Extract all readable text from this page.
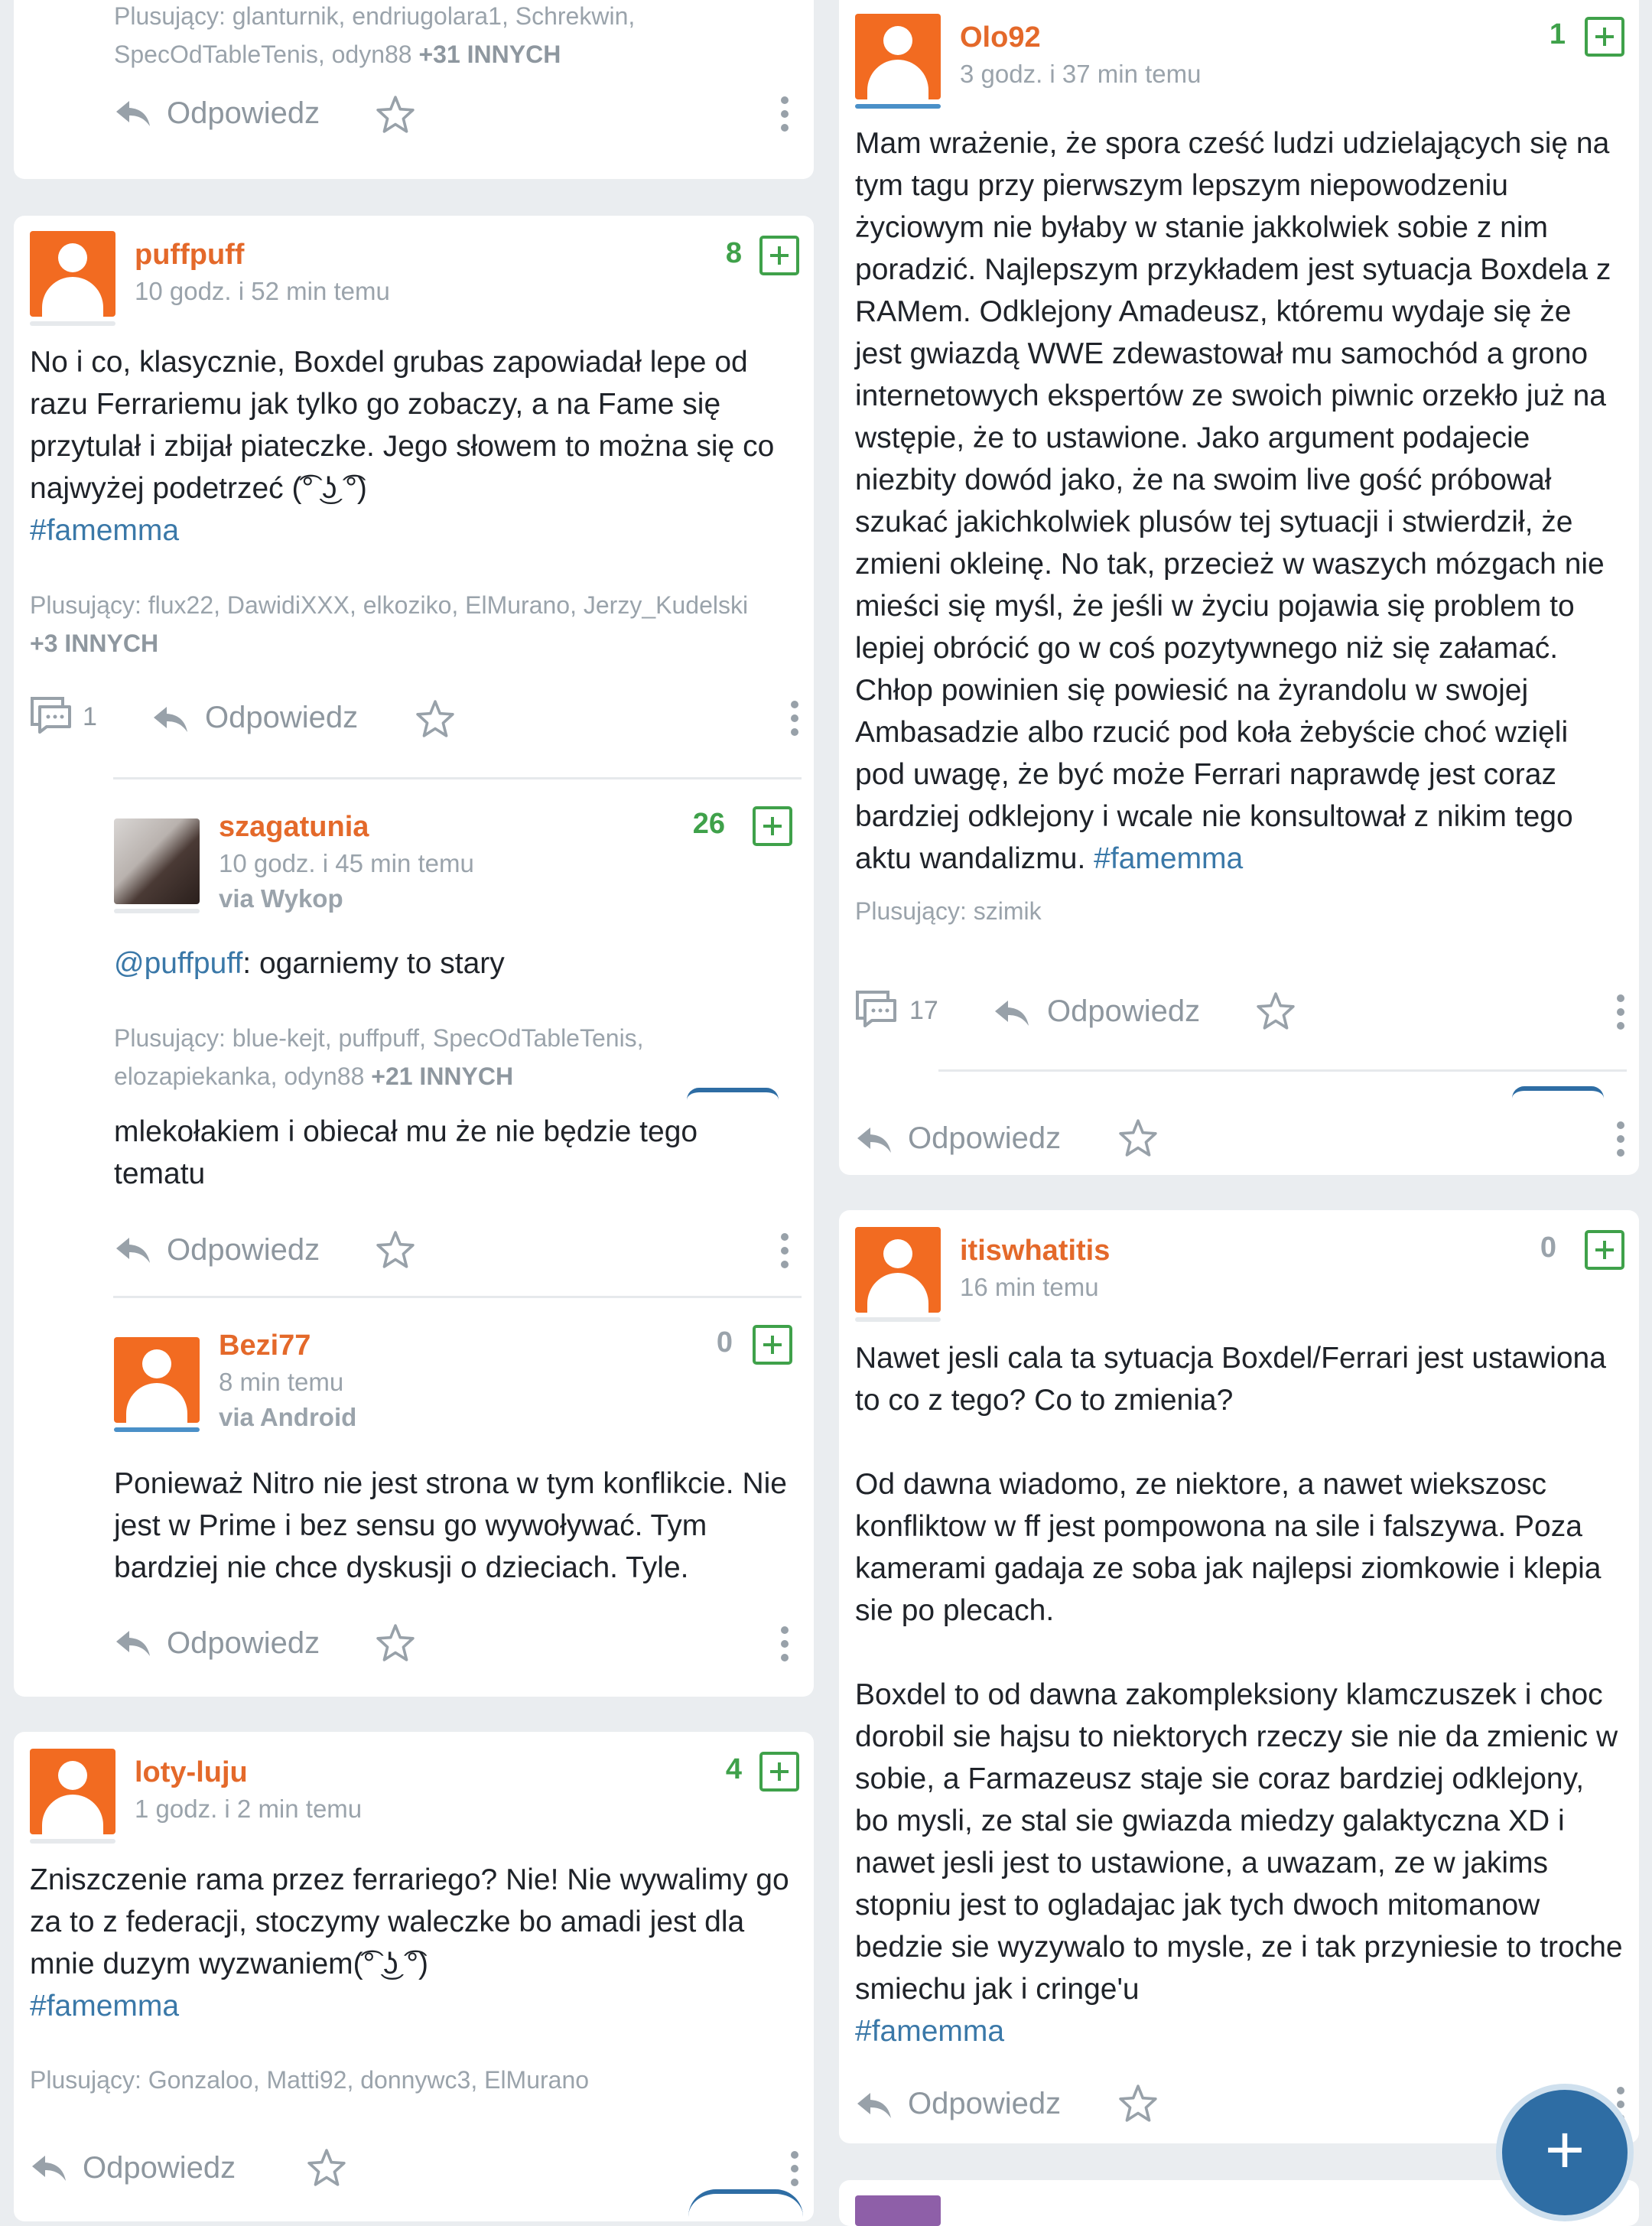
Plusujący: glanturnik, endriugolara1, Schrekwin, SpecOdTableTenis, odyn88 +31 INNYCH
Odpowiedz
puffpuff
10 godz. i 52 min temu
8
No i co, klasycznie, Boxdel grubas zapowiadał lepe od razu Ferrariemu jak tylko go zobaczy, a na Fame się przytulał i zbijał piateczke. Jego słowem to można się co najwyżej podetrzeć (͡° ͜ʖ ͡°)
#famemma
Plusujący: flux22, DawidiXXX, elkoziko, ElMurano, Jerzy_Kudelski
+3 INNYCH
1	Odpowiedz
szagatunia
10 godz. i 45 min temu
via Wykop
26
@puffpuff: ogarniemy to stary
Plusujący: blue-kejt, puffpuff, SpecOdTableTenis, elozapiekanka, odyn88 +21 INNYCH
mlekołakiem i obiecał mu że nie będzie tego
tematu
Odpowiedz
Bezi77
8 min temu
via Android
0
Ponieważ Nitro nie jest strona w tym konflikcie. Nie jest w Prime i bez sensu go wywoływać. Tym bardziej nie chce dyskusji o dzieciach. Tyle.
Odpowiedz
loty-luju
1 godz. i 2 min temu
4
Zniszczenie rama przez ferrariego? Nie! Nie wywalimy go za to z federacji, stoczymy waleczke bo amadi jest dla mnie duzym wyzwaniem(͡° ͜ʖ ͡°)
#famemma
Plusujący: Gonzaloo, Matti92, donnywc3, ElMurano
Odpowiedz
Olo92
3 godz. i 37 min temu
1
Mam wrażenie, że spora cześć ludzi udzielających się na tym tagu przy pierwszym lepszym niepowodzeniu życiowym nie byłaby w stanie jakkolwiek sobie z nim poradzić. Najlepszym przykładem jest sytuacja Boxdela z RAMem. Odklejony Amadeusz, któremu wydaje się że jest gwiazdą WWE zdewastował mu samochód a grono internetowych ekspertów ze swoich piwnic orzekło już na wstępie, że to ustawione. Jako argument podajecie niezbity dowód jako, że na swoim live gość próbował szukać jakichkolwiek plusów tej sytuacji i stwierdził, że zmieni okleinę. No tak, przecież w waszych mózgach nie mieści się myśl, że jeśli w życiu pojawia się problem to lepiej obrócić go w coś pozytywnego niż się załamać. Chłop powinien się powiesić na żyrandolu w swojej Ambasadzie albo rzucić pod koła żebyście choć wzięli pod uwagę, że być może Ferrari naprawdę jest coraz bardziej odklejony i wcale nie konsultował z nikim tego aktu wandalizmu. #famemma
Plusujący: szimik
17	Odpowiedz
Odpowiedz
itiswhatitis
16 min temu
0
Nawet jesli cala ta sytuacja Boxdel/Ferrari jest ustawiona to co z tego? Co to zmienia?

Od dawna wiadomo, ze niektore, a nawet wiekszosc konfliktow w ff jest pompowona na sile i falszywa. Poza kamerami gadaja ze soba jak najlepsi ziomkowie i klepia sie po plecach.

Boxdel to od dawna zakompleksiony klamczuszek i choc dorobil sie hajsu to niektorych rzeczy sie nie da zmienic w sobie, a Farmazeusz staje sie coraz bardziej odklejony, bo mysli, ze stal sie gwiazda miedzy galaktyczna XD i nawet jesli jest to ustawione, a uwazam, ze w jakims stopniu jest to ogladajac jak tych dwoch mitomanow bedzie sie wyzywalo to mysle, ze i tak przyniesie to troche smiechu jak i cringe'u
#famemma
Odpowiedz
+
